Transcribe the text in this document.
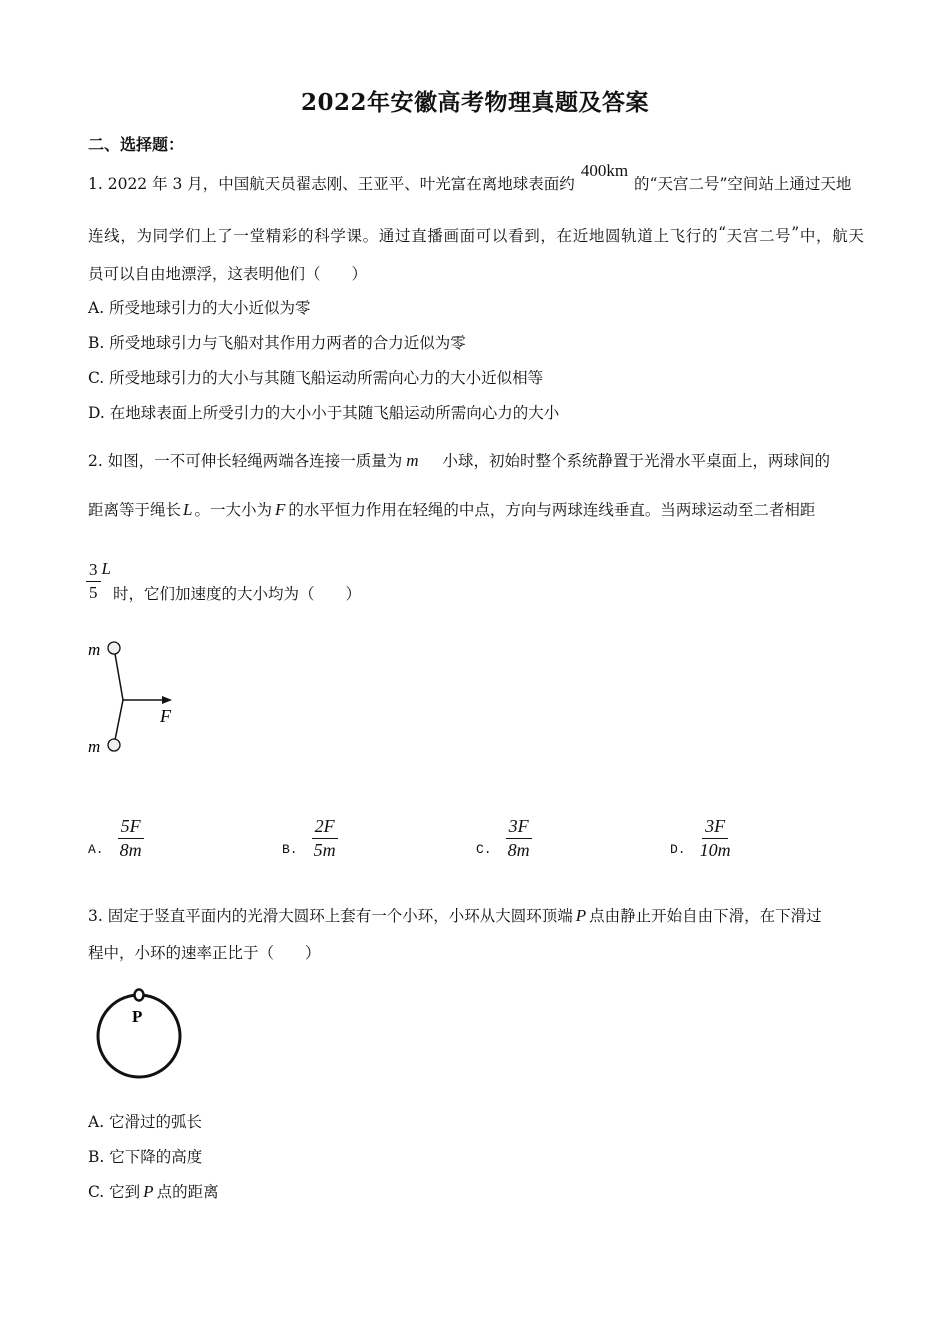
2022年安徽高考物理真题及答案
二、选择题：
1. 2022 年 3 月，中国航天员翟志刚、王亚平、叶光富在离地球表面约400km的“天宫二号”空间站上通过天地
连 线 ， 为 同 学 们 上 了 一 堂 精 彩 的 科 学 课 。 通 过 直 播 画 面 可 以 看 到 ， 在 近 地 圆 轨 道 上 飞 行 的 “ 天 宫 二 号 ” 中 ， 航 天
员可以自由地漂浮，这表明他们（　　）
A. 所受地球引力的大小近似为零
B. 所受地球引力与飞船对其作用力两者的合力近似为零
C. 所受地球引力的大小与其随飞船运动所需向心力的大小近似相等
D. 在地球表面上所受引力的大小小于其随飞船运动所需向心力的大小
2. 如图，一不可伸长轻绳两端各连接一质量为 m 小球，初始时整个系统静置于光滑水平桌面上，两球间的
距离等于绳长 L 。一大小为 F 的水平恒力作用在轻绳的中点，方向与两球连线垂直。当两球运动至二者相距
$\frac{3}{5}$ L
时，它们加速度的大小均为（　　）
m
m
F
A. $\frac{5F}{8m}$	B. $\frac{2F}{5m}$	C. $\frac{3F}{8m}$	D. $\frac{3F}{10m}$
3. 固定于竖直平面内的光滑大圆环上套有一个小环，小环从大圆环顶端 P 点由静止开始自由下滑，在下滑过
程中，小环的速率正比于（　　）
P
A. 它滑过的弧长
B. 它下降的高度
C. 它到 P 点的距离
